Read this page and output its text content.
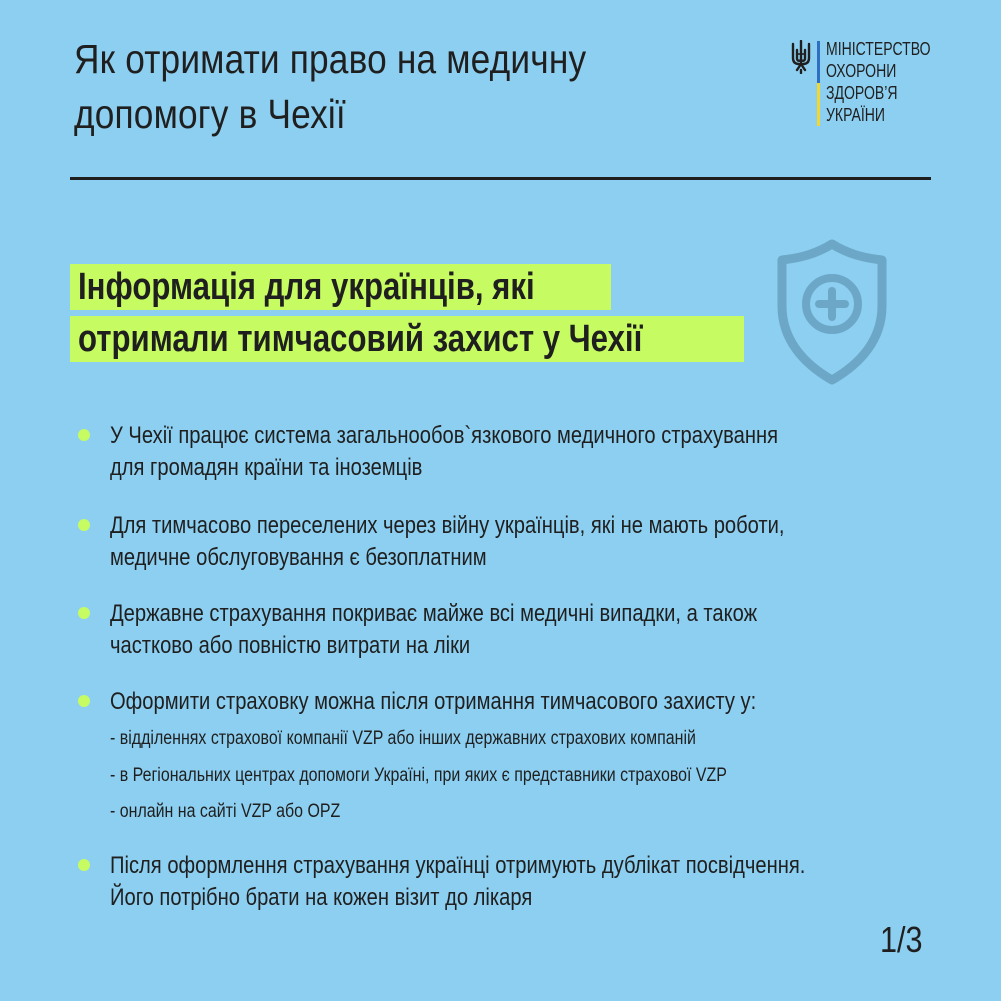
Як отримати право на медичну
допомогу в Чехії
МІНІСТЕРСТВО
ОХОРОНИ
ЗДОРОВ’Я
УКРАЇНИ
Інформація для українців, які
отримали тимчасовий захист у Чехії
У Чехії працює система загальнообов`язкового медичного страхування
для громадян країни та іноземців
Для тимчасово переселених через війну українців, які не мають роботи,
медичне обслуговування є безоплатним
Державне страхування покриває майже всі медичні випадки, а також
частково або повністю витрати на ліки
Оформити страховку можна після отримання тимчасового захисту у:
- відділеннях страхової компанії VZP або інших державних страхових компаній
- в Регіональних центрах допомоги Україні, при яких є представники страхової VZP
- онлайн на сайті VZP або OPZ
Після оформлення страхування українці отримують дублікат посвідчення.
Його потрібно брати на кожен візит до лікаря
1/3
